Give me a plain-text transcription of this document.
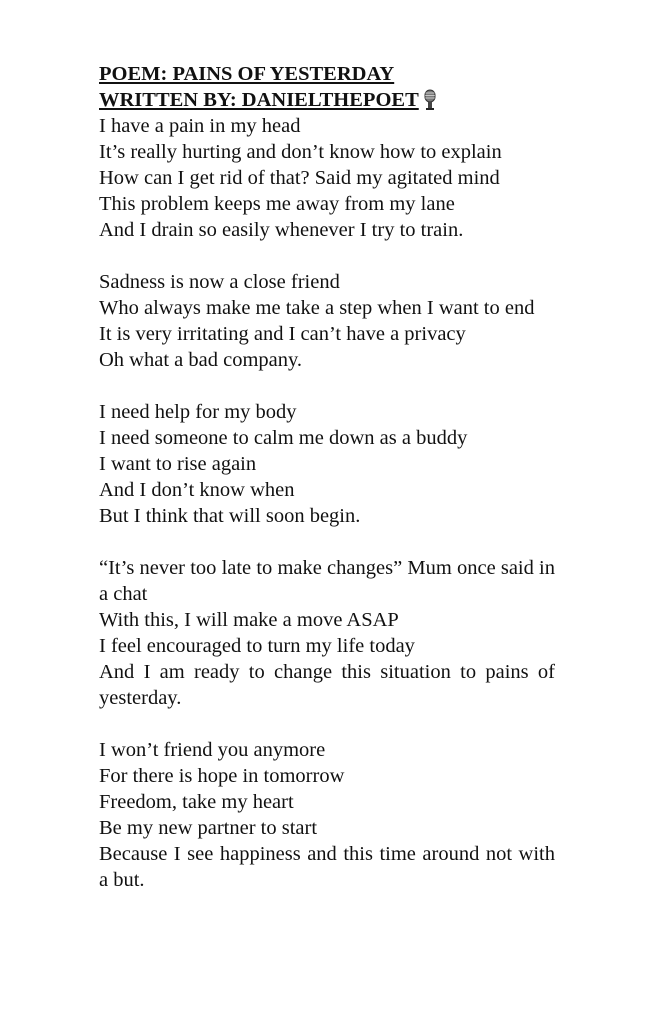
POEM: PAINS OF YESTERDAY
WRITTEN BY: DANIELTHEPOET
I have a pain in my head
It’s really hurting and don’t know how to explain
How can I get rid of that? Said my agitated mind
This problem keeps me away from my lane
And I drain so easily whenever I try to train.
Sadness is now a close friend
Who always make me take a step when I want to end
It is very irritating and I can’t have a privacy
Oh what a bad company.
I need help for my body
I need someone to calm me down as a buddy
I want to rise again
And I don’t know when
But I think that will soon begin.
“It’s never too late to make changes” Mum once said in a chat
With this, I will make a move ASAP
I feel encouraged to turn my life today
And I am ready to change this situation to pains of yesterday.
I won’t friend you anymore
For there is hope in tomorrow
Freedom, take my heart
Be my new partner to start
Because I see happiness and this time around not with a but.
